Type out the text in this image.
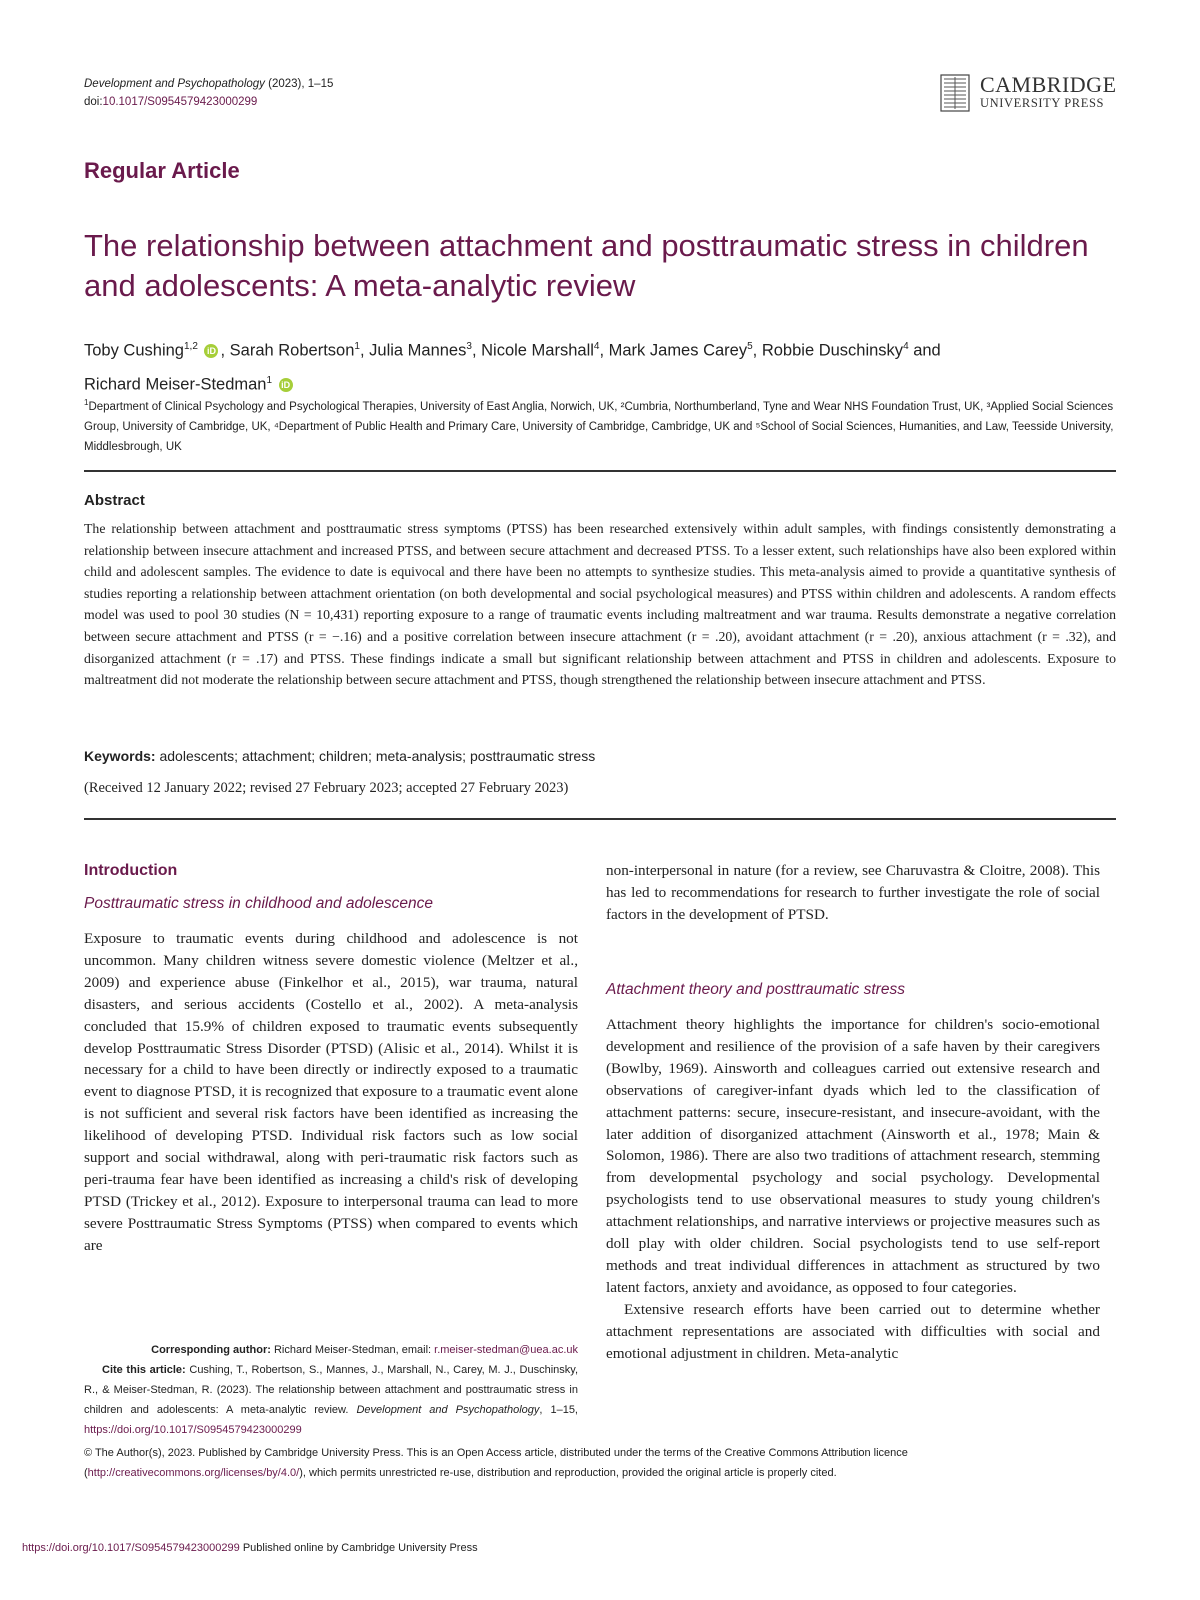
Development and Psychopathology (2023), 1–15
doi:10.1017/S0954579423000299
CAMBRIDGE
UNIVERSITY PRESS
Regular Article
The relationship between attachment and posttraumatic stress in children and adolescents: A meta-analytic review
Toby Cushing$^{1,2}$ iD , Sarah Robertson$^1$, Julia Mannes$^3$, Nicole Marshall$^4$, Mark James Carey$^5$, Robbie Duschinsky$^4$ and
Richard Meiser-Stedman$^1$ iD
$^1$Department of Clinical Psychology and Psychological Therapies, University of East Anglia, Norwich, UK, ²Cumbria, Northumberland, Tyne and Wear NHS Foundation Trust, UK, ³Applied Social Sciences Group, University of Cambridge, UK, ⁴Department of Public Health and Primary Care, University of Cambridge, Cambridge, UK and ⁵School of Social Sciences, Humanities, and Law, Teesside University, Middlesbrough, UK
Abstract
The relationship between attachment and posttraumatic stress symptoms (PTSS) has been researched extensively within adult samples, with findings consistently demonstrating a relationship between insecure attachment and increased PTSS, and between secure attachment and decreased PTSS. To a lesser extent, such relationships have also been explored within child and adolescent samples. The evidence to date is equivocal and there have been no attempts to synthesize studies. This meta-analysis aimed to provide a quantitative synthesis of studies reporting a relationship between attachment orientation (on both developmental and social psychological measures) and PTSS within children and adolescents. A random effects model was used to pool 30 studies (N = 10,431) reporting exposure to a range of traumatic events including maltreatment and war trauma. Results demonstrate a negative correlation between secure attachment and PTSS (r = −.16) and a positive correlation between insecure attachment (r = .20), avoidant attachment (r = .20), anxious attachment (r = .32), and disorganized attachment (r = .17) and PTSS. These findings indicate a small but significant relationship between attachment and PTSS in children and adolescents. Exposure to maltreatment did not moderate the relationship between secure attachment and PTSS, though strengthened the relationship between insecure attachment and PTSS.
Keywords: adolescents; attachment; children; meta-analysis; posttraumatic stress
(Received 12 January 2022; revised 27 February 2023; accepted 27 February 2023)
Introduction
Posttraumatic stress in childhood and adolescence

Exposure to traumatic events during childhood and adolescence is not uncommon. Many children witness severe domestic violence (Meltzer et al., 2009) and experience abuse (Finkelhor et al., 2015), war trauma, natural disasters, and serious accidents (Costello et al., 2002). A meta-analysis concluded that 15.9% of children exposed to traumatic events subsequently develop Posttraumatic Stress Disorder (PTSD) (Alisic et al., 2014). Whilst it is necessary for a child to have been directly or indirectly exposed to a traumatic event to diagnose PTSD, it is recognized that exposure to a traumatic event alone is not sufficient and several risk factors have been identified as increasing the likelihood of developing PTSD. Individual risk factors such as low social support and social withdrawal, along with peri-traumatic risk factors such as peri-trauma fear have been identified as increasing a child's risk of developing PTSD (Trickey et al., 2012). Exposure to interpersonal trauma can lead to more severe Posttraumatic Stress Symptoms (PTSS) when compared to events which are

Corresponding author: Richard Meiser-Stedman, email: r.meiser-stedman@uea.ac.uk
Cite this article: Cushing, T., Robertson, S., Mannes, J., Marshall, N., Carey, M. J., Duschinsky, R., & Meiser-Stedman, R. (2023). The relationship between attachment and posttraumatic stress in children and adolescents: A meta-analytic review. Development and Psychopathology, 1–15, https://doi.org/10.1017/S0954579423000299

non-interpersonal in nature (for a review, see Charuvastra & Cloitre, 2008). This has led to recommendations for research to further investigate the role of social factors in the development of PTSD.

Attachment theory and posttraumatic stress

Attachment theory highlights the importance for children's socio-emotional development and resilience of the provision of a safe haven by their caregivers (Bowlby, 1969). Ainsworth and colleagues carried out extensive research and observations of caregiver-infant dyads which led to the classification of attachment patterns: secure, insecure-resistant, and insecure-avoidant, with the later addition of disorganized attachment (Ainsworth et al., 1978; Main & Solomon, 1986). There are also two traditions of attachment research, stemming from developmental psychology and social psychology. Developmental psychologists tend to use observational measures to study young children's attachment relationships, and narrative interviews or projective measures such as doll play with older children. Social psychologists tend to use self-report methods and treat individual differences in attachment as structured by two latent factors, anxiety and avoidance, as opposed to four categories.

Extensive research efforts have been carried out to determine whether attachment representations are associated with difficulties with social and emotional adjustment in children. Meta-analytic

© The Author(s), 2023. Published by Cambridge University Press. This is an Open Access article, distributed under the terms of the Creative Commons Attribution licence (http://creativecommons.org/licenses/by/4.0/), which permits unrestricted re-use, distribution and reproduction, provided the original article is properly cited.
https://doi.org/10.1017/S0954579423000299 Published online by Cambridge University Press
